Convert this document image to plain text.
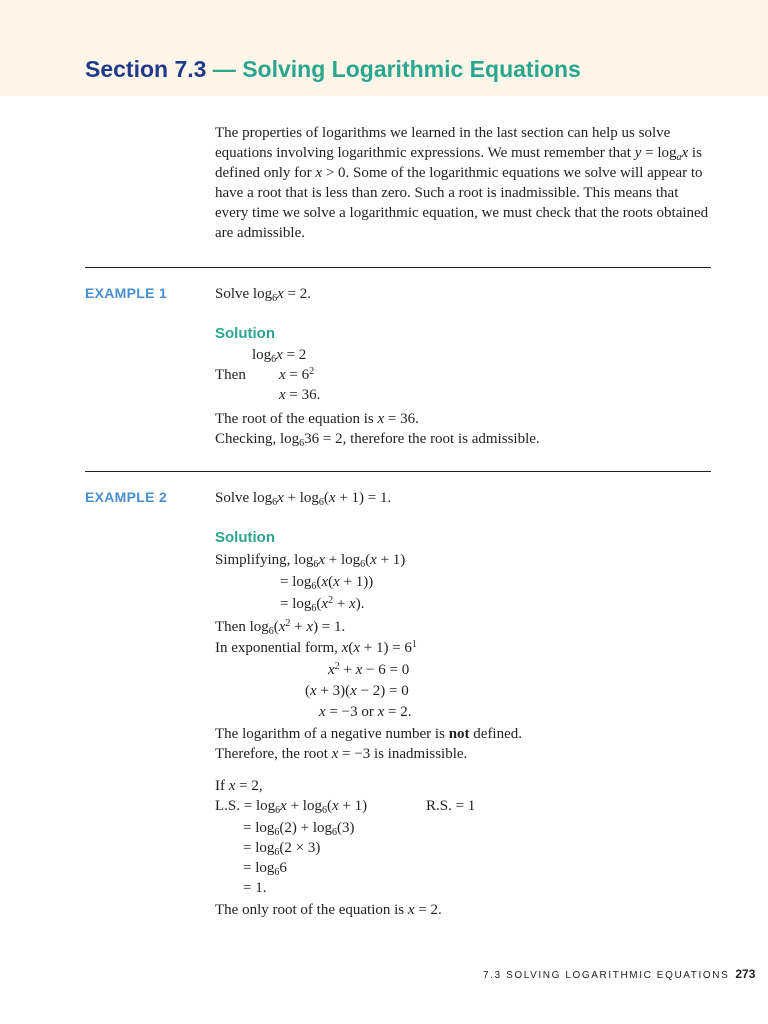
Section 7.3 — Solving Logarithmic Equations

The properties of logarithms we learned in the last section can help us solve equations involving logarithmic expressions. We must remember that $y = \log_ax$ is defined only for x > 0. Some of the logarithmic equations we solve will appear to have a root that is less than zero. Such a root is inadmissible. This means that every time we solve a logarithmic equation, we must check that the roots obtained are admissible.

EXAMPLE 1	Solve $\log_6x = 2$.

Solution

$\log_6x = 2$
Then $x = 6^2$
x = 36.
The root of the equation is x = 36.
Checking, $\log_636 = 2$, therefore the root is admissible.

EXAMPLE 2	Solve $\log_6x + \log_6(x + 1) = 1$.

Solution

Simplifying, $\log_6x + \log_6(x + 1)$
= $\log_6(x(x + 1))$
= $\log_6(x^2 + x)$.
Then $\log_6(x^2 + x) = 1$.
In exponential form, $x(x + 1) = 6^1$
$x^2 + x - 6 = 0$
(x + 3)(x − 2) = 0
x = −3 or x = 2.
The logarithm of a negative number is not defined.
Therefore, the root x = −3 is inadmissible.
If x = 2,
L.S. = $\log_6x + \log_6(x + 1)$	R.S. = 1
= $\log_6(2) + \log_6(3)$
= $\log_6(2 \times 3)$
= $\log_66$
= 1.
The only root of the equation is x = 2.
7.3 SOLVING LOGARITHMIC EQUATIONS 273
